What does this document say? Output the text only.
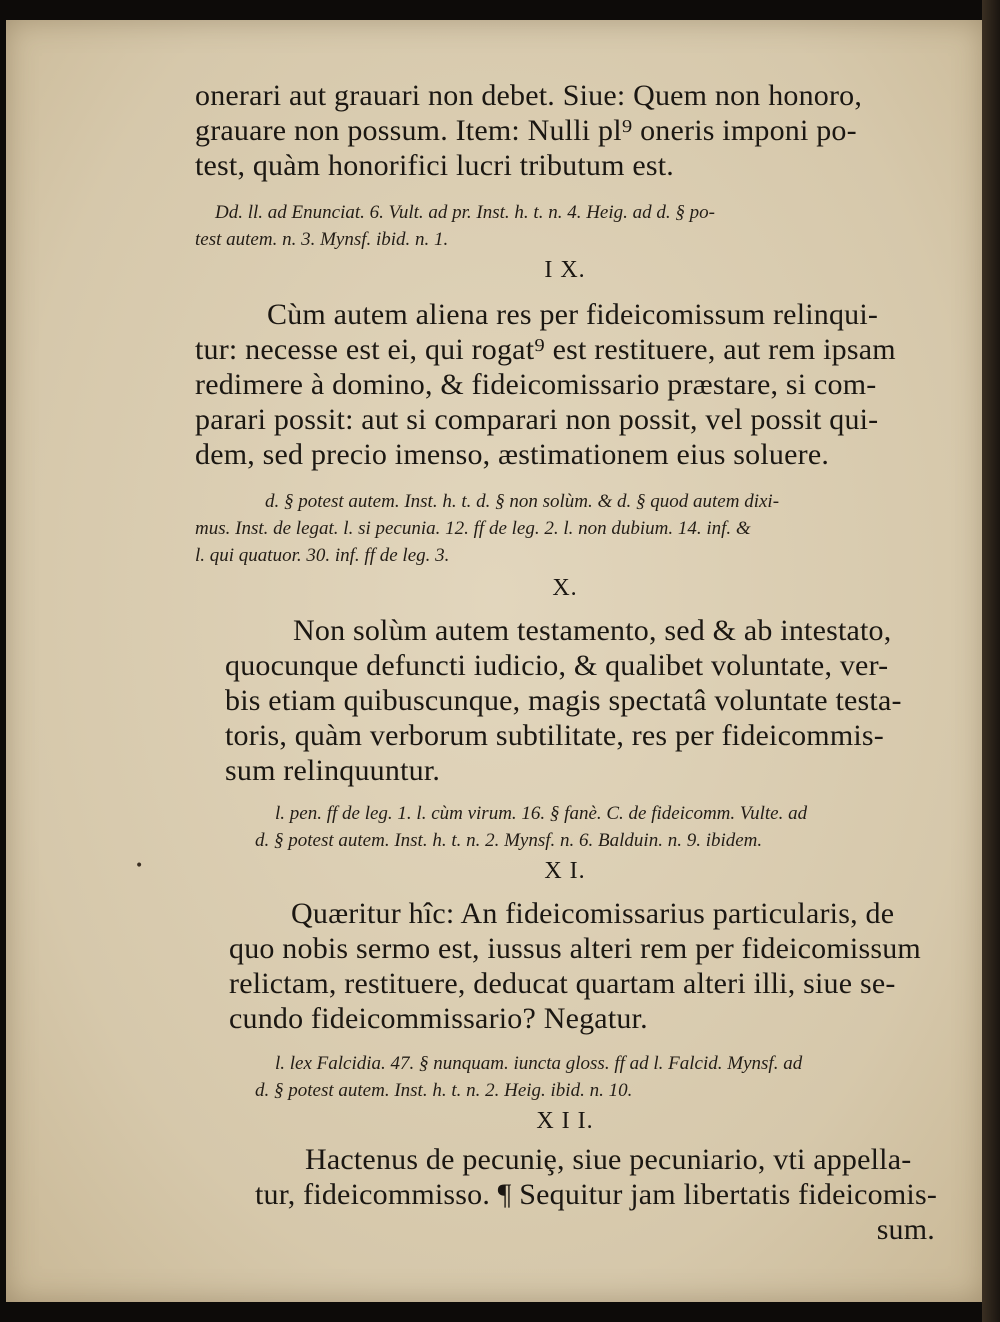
•

onerari aut grauari non debet. Siue: Quem non honoro,
grauare non possum. Item: Nulli pl⁹ oneris imponi po-
test, quàm honorifici lucri tributum est.

Dd. ll. ad Enunciat. 6. Vult. ad pr. Inst. h. t. n. 4. Heig. ad d. § po-
test autem. n. 3. Mynsf. ibid. n. 1.

I X.

Cùm autem aliena res per fideicomissum relinqui-
tur: necesse est ei, qui rogat⁹ est restituere, aut rem ipsam
redimere à domino, & fideicomissario præstare, si com-
parari possit: aut si comparari non possit, vel possit qui-
dem, sed precio imenso, æstimationem eius soluere.

d. § potest autem. Inst. h. t. d. § non solùm. & d. § quod autem dixi-
mus. Inst. de legat. l. si pecunia. 12. ff de leg. 2. l. non dubium. 14. inf. &
l. qui quatuor. 30. inf. ff de leg. 3.

X.

Non solùm autem testamento, sed & ab intestato,
quocunque defuncti iudicio, & qualibet voluntate, ver-
bis etiam quibuscunque, magis spectatâ voluntate testa-
toris, quàm verborum subtilitate, res per fideicommis-
sum relinquuntur.

l. pen. ff de leg. 1. l. cùm virum. 16. § fanè. C. de fideicomm. Vulte. ad
d. § potest autem. Inst. h. t. n. 2. Mynsf. n. 6. Balduin. n. 9. ibidem.

X I.

Quæritur hîc: An fideicomissarius particularis, de
quo nobis sermo est, iussus alteri rem per fideicomissum
relictam, restituere, deducat quartam alteri illi, siue se-
cundo fideicommissario? Negatur.

l. lex Falcidia. 47. § nunquam. iuncta gloss. ff ad l. Falcid. Mynsf. ad
d. § potest autem. Inst. h. t. n. 2. Heig. ibid. n. 10.

X I I.

Hactenus de pecuniȩ, siue pecuniario, vti appella-
tur, fideicommisso. ¶ Sequitur jam libertatis fideicomis-
sum.
